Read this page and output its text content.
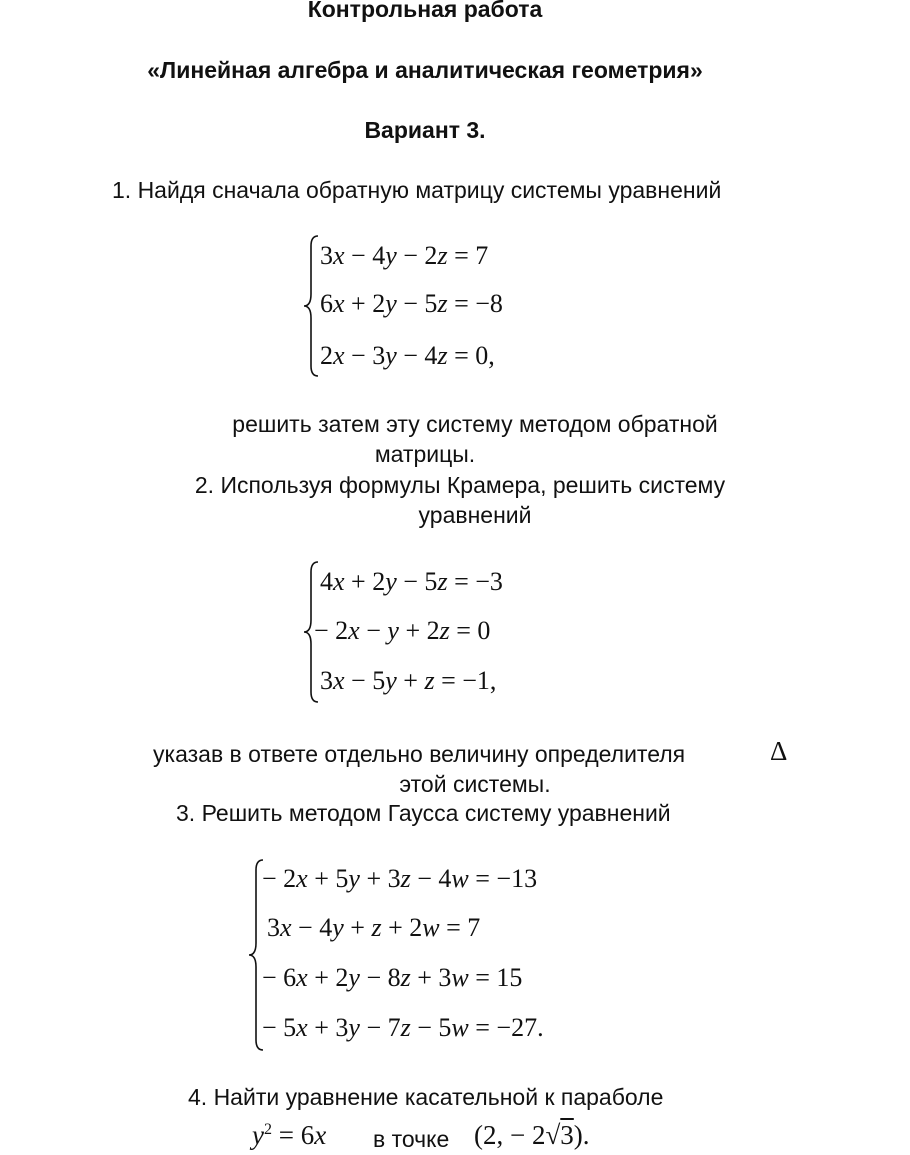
Контрольная работа
«Линейная алгебра и аналитическая геометрия»
Вариант 3.
1. Найдя сначала обратную матрицу системы уравнений
3x − 4y − 2z = 7
6x + 2y − 5z = −8
2x − 3y − 4z = 0,
решить затем эту систему методом обратной
матрицы.
2. Используя формулы Крамера, решить систему
уравнений
4x + 2y − 5z = −3
− 2x − y + 2z = 0
3x − 5y + z = −1,
указав в ответе отдельно величину определителя	Δ
этой системы.
3. Решить методом Гаусса систему уравнений
− 2x + 5y + 3z − 4w = −13
3x − 4y + z + 2w = 7
− 6x + 2y − 8z + 3w = 15
− 5x + 3y − 7z − 5w = −27.
4. Найти уравнение касательной к параболе
$y^2 = 6x$ в точке (2, − 2√3).
